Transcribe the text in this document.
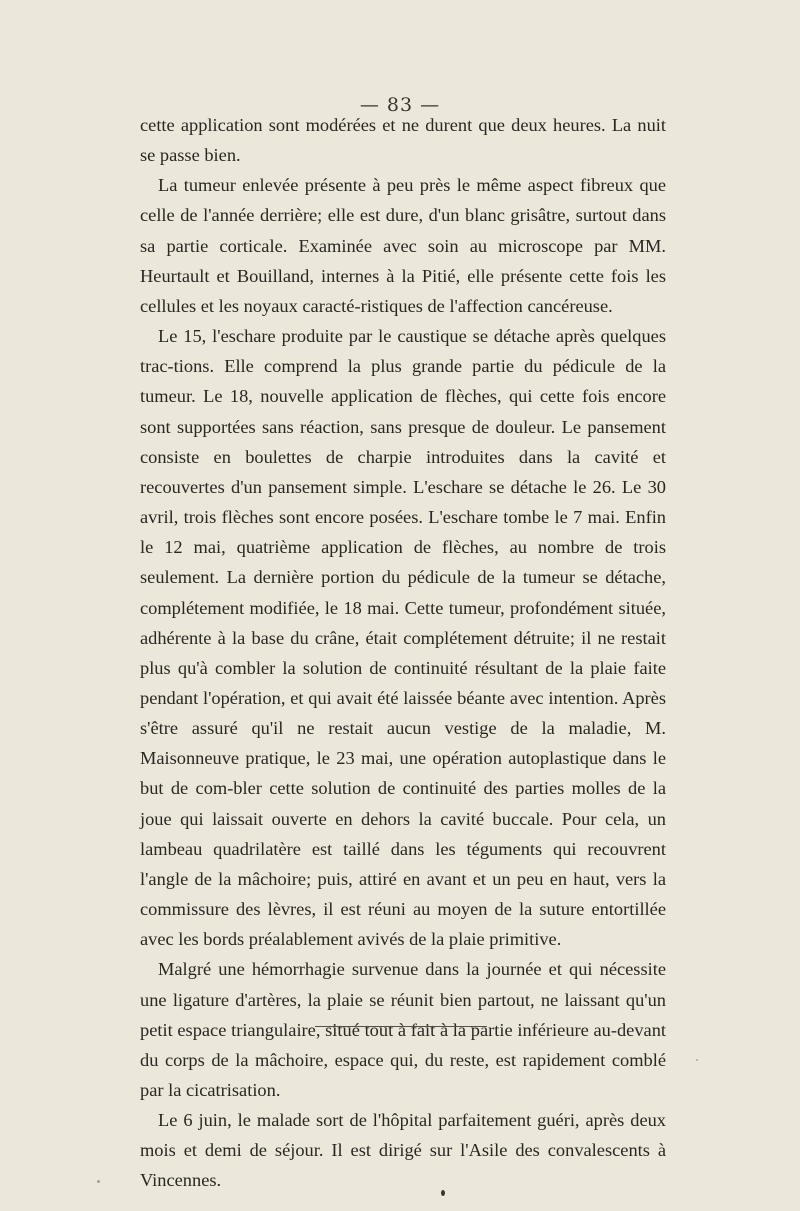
— 83 —

cette application sont modérées et ne durent que deux heures. La nuit se passe bien.

La tumeur enlevée présente à peu près le même aspect fibreux que celle de l'année derrière; elle est dure, d'un blanc grisâtre, surtout dans sa partie corticale. Examinée avec soin au microscope par MM. Heurtault et Bouilland, internes à la Pitié, elle présente cette fois les cellules et les noyaux caracté-ristiques de l'affection cancéreuse.

Le 15, l'eschare produite par le caustique se détache après quelques trac-tions. Elle comprend la plus grande partie du pédicule de la tumeur. Le 18, nouvelle application de flèches, qui cette fois encore sont supportées sans réaction, sans presque de douleur. Le pansement consiste en boulettes de charpie introduites dans la cavité et recouvertes d'un pansement simple. L'eschare se détache le 26. Le 30 avril, trois flèches sont encore posées. L'eschare tombe le 7 mai. Enfin le 12 mai, quatrième application de flèches, au nombre de trois seulement. La dernière portion du pédicule de la tumeur se détache, complétement modifiée, le 18 mai. Cette tumeur, profondément située, adhérente à la base du crâne, était complétement détruite; il ne restait plus qu'à combler la solution de continuité résultant de la plaie faite pendant l'opération, et qui avait été laissée béante avec intention. Après s'être assuré qu'il ne restait aucun vestige de la maladie, M. Maisonneuve pratique, le 23 mai, une opération autoplastique dans le but de com-bler cette solution de continuité des parties molles de la joue qui laissait ouverte en dehors la cavité buccale. Pour cela, un lambeau quadrilatère est taillé dans les téguments qui recouvrent l'angle de la mâchoire; puis, attiré en avant et un peu en haut, vers la commissure des lèvres, il est réuni au moyen de la suture entortillée avec les bords préalablement avivés de la plaie primitive.

Malgré une hémorrhagie survenue dans la journée et qui nécessite une ligature d'artères, la plaie se réunit bien partout, ne laissant qu'un petit espace triangulaire, situé tout à fait à la partie inférieure au-devant du corps de la mâchoire, espace qui, du reste, est rapidement comblé par la cicatrisation.

Le 6 juin, le malade sort de l'hôpital parfaitement guéri, après deux mois et demi de séjour. Il est dirigé sur l'Asile des convalescents à Vincennes.
